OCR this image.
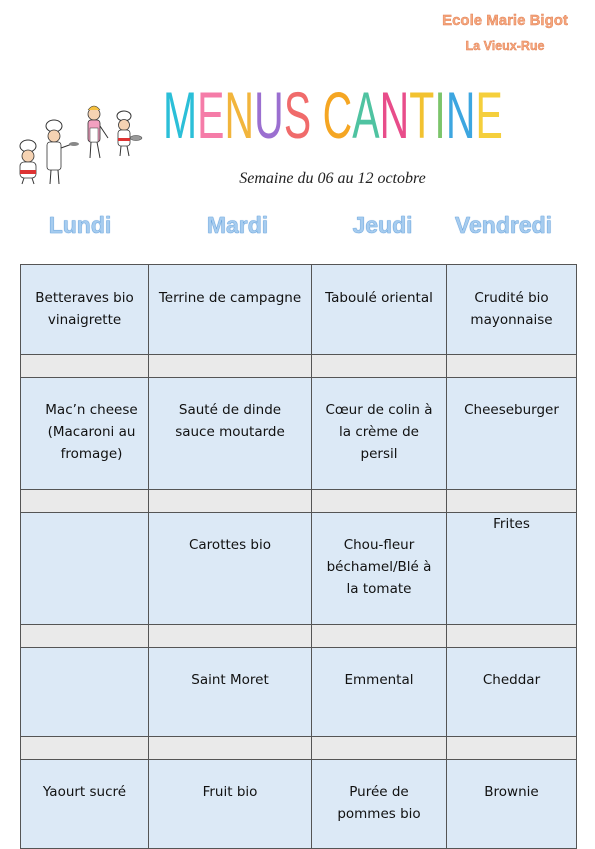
Ecole Marie Bigot
La Vieux-Rue
M E N U S
C A N T I N E
Semaine du 06 au 12 octobre
Lundi	Mardi	Jeudi	Vendredi
Betteraves bio vinaigrette	Terrine de campagne	Taboulé oriental	Crudité bio mayonnaise

Mac’n cheese (Macaroni au fromage)	Sauté de dinde sauce moutarde	Cœur de colin à la crème de persil	Cheeseburger

	Carottes bio	Chou-fleur béchamel/Blé à la tomate	Frites

	Saint Moret	Emmental	Cheddar

Yaourt sucré	Fruit bio	Purée de pommes bio	Brownie
